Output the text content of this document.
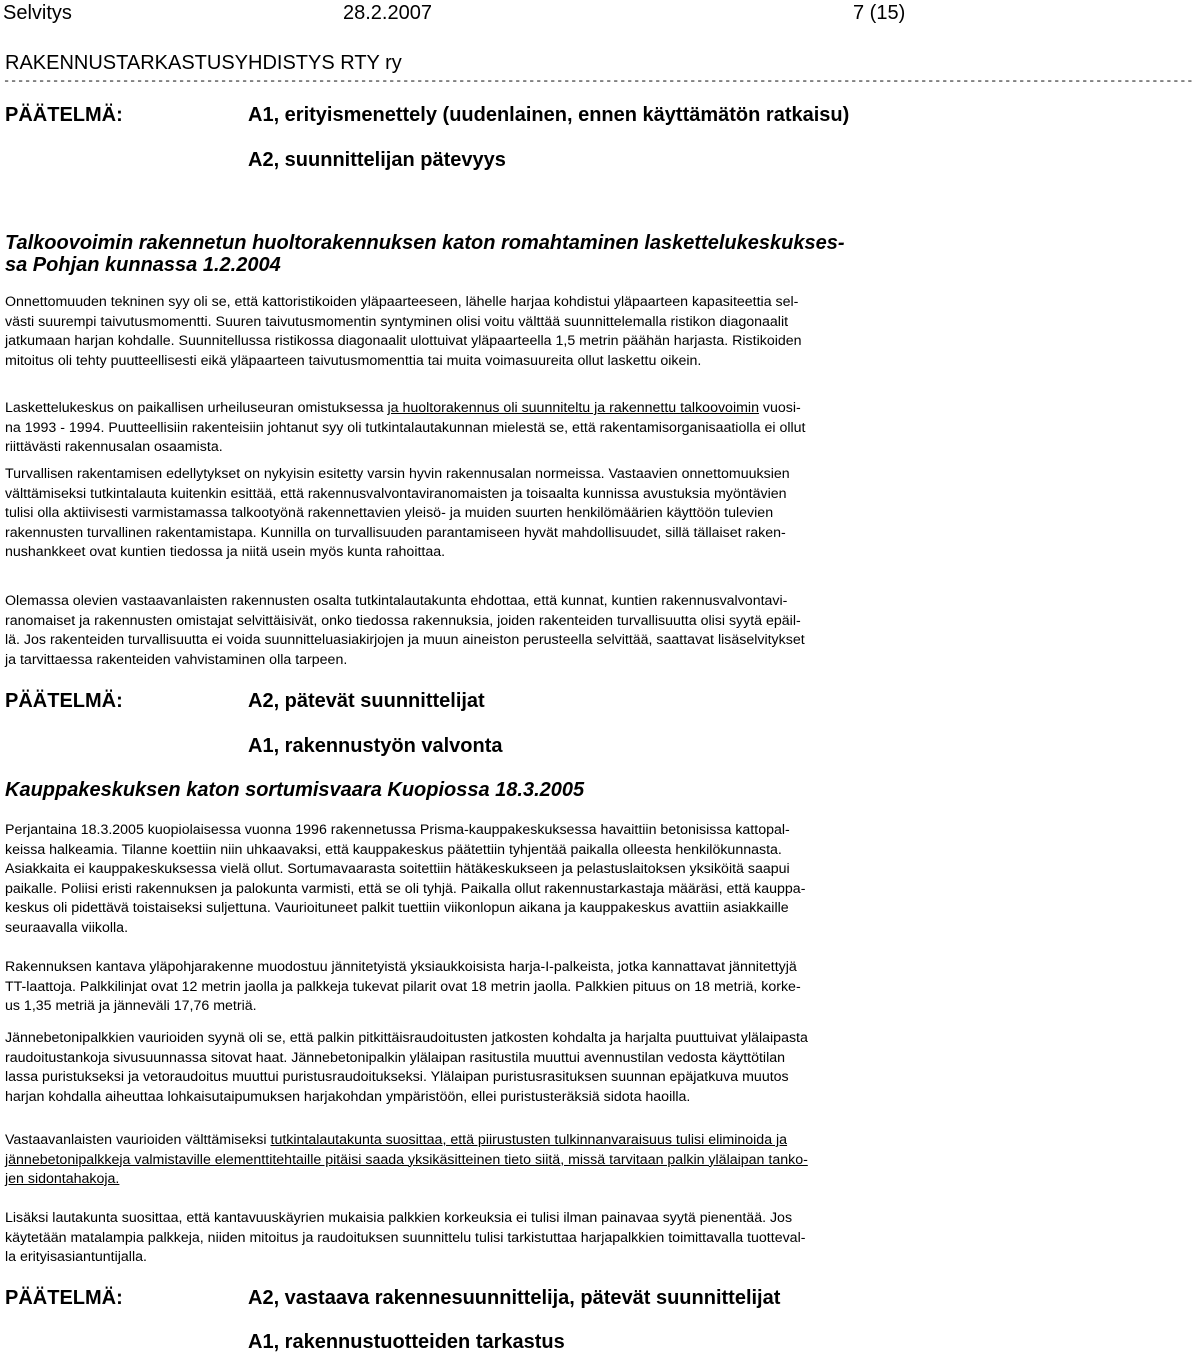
Selvitys	28.2.2007	7 (15)
RAKENNUSTARKASTUSYHDISTYS RTY ry
--------------------------------------------------------------------------------------------------------------------------------------------------------------------------
PÄÄTELMÄ:	A1, erityismenettely (uudenlainen, ennen käyttämätön ratkaisu)
A2, suunnittelijan pätevyys
Talkoovoimin rakennetun huoltorakennuksen katon romahtaminen laskettelukeskukses-
sa Pohjan kunnassa 1.2.2004
Onnettomuuden tekninen syy oli se, että kattoristikoiden yläpaarteeseen, lähelle harjaa kohdistui yläpaarteen kapasiteettia sel-
västi suurempi taivutusmomentti. Suuren taivutusmomentin syntyminen olisi voitu välttää suunnittelemalla ristikon diagonaalit
jatkumaan harjan kohdalle. Suunnitellussa ristikossa diagonaalit ulottuivat yläpaarteella 1,5 metrin päähän harjasta. Ristikoiden
mitoitus oli tehty puutteellisesti eikä yläpaarteen taivutusmomenttia tai muita voimasuureita ollut laskettu oikein.
Laskettelukeskus on paikallisen urheiluseuran omistuksessa ja huoltorakennus oli suunniteltu ja rakennettu talkoovoimin vuosi-
na 1993 - 1994. Puutteellisiin rakenteisiin johtanut syy oli tutkintalautakunnan mielestä se, että rakentamisorganisaatiolla ei ollut
riittävästi rakennusalan osaamista.
Turvallisen rakentamisen edellytykset on nykyisin esitetty varsin hyvin rakennusalan normeissa. Vastaavien onnettomuuksien
välttämiseksi tutkintalauta kuitenkin esittää, että rakennusvalvontaviranomaisten ja toisaalta kunnissa avustuksia myöntävien
tulisi olla aktiivisesti varmistamassa talkootyönä rakennettavien yleisö- ja muiden suurten henkilömäärien käyttöön tulevien
rakennusten turvallinen rakentamistapa. Kunnilla on turvallisuuden parantamiseen hyvät mahdollisuudet, sillä tällaiset raken-
nushankkeet ovat kuntien tiedossa ja niitä usein myös kunta rahoittaa.
Olemassa olevien vastaavanlaisten rakennusten osalta tutkintalautakunta ehdottaa, että kunnat, kuntien rakennusvalvontavi-
ranomaiset ja rakennusten omistajat selvittäisivät, onko tiedossa rakennuksia, joiden rakenteiden turvallisuutta olisi syytä epäil-
lä. Jos rakenteiden turvallisuutta ei voida suunnitteluasiakirjojen ja muun aineiston perusteella selvittää, saattavat lisäselvitykset
ja tarvittaessa rakenteiden vahvistaminen olla tarpeen.
PÄÄTELMÄ:	A2, pätevät suunnittelijat
A1, rakennustyön valvonta
Kauppakeskuksen katon sortumisvaara Kuopiossa 18.3.2005
Perjantaina 18.3.2005 kuopiolaisessa vuonna 1996 rakennetussa Prisma-kauppakeskuksessa havaittiin betonisissa kattopal-
keissa halkeamia. Tilanne koettiin niin uhkaavaksi, että kauppakeskus päätettiin tyhjentää paikalla olleesta henkilökunnasta.
Asiakkaita ei kauppakeskuksessa vielä ollut. Sortumavaarasta soitettiin hätäkeskukseen ja pelastuslaitoksen yksiköitä saapui
paikalle. Poliisi eristi rakennuksen ja palokunta varmisti, että se oli tyhjä. Paikalla ollut rakennustarkastaja määräsi, että kauppa-
keskus oli pidettävä toistaiseksi suljettuna. Vaurioituneet palkit tuettiin viikonlopun aikana ja kauppakeskus avattiin asiakkaille
seuraavalla viikolla.
Rakennuksen kantava yläpohjarakenne muodostuu jännitetyistä yksiaukkoisista harja-I-palkeista, jotka kannattavat jännitettyjä
TT-laattoja. Palkkilinjat ovat 12 metrin jaolla ja palkkeja tukevat pilarit ovat 18 metrin jaolla. Palkkien pituus on 18 metriä, korke-
us 1,35 metriä ja jänneväli 17,76 metriä.
Jännebetonipalkkien vaurioiden syynä oli se, että palkin pitkittäisraudoitusten jatkosten kohdalta ja harjalta puuttuivat ylälaipasta
raudoitustankoja sivusuunnassa sitovat haat. Jännebetonipalkin ylälaipan rasitustila muuttui avennustilan vedosta käyttötilan
lassa puristukseksi ja vetoraudoitus muuttui puristusraudoitukseksi. Ylälaipan puristusrasituksen suunnan epäjatkuva muutos
harjan kohdalla aiheuttaa lohkaisutaipumuksen harjakohdan ympäristöön, ellei puristusteräksiä sidota haoilla.
Vastaavanlaisten vaurioiden välttämiseksi tutkintalautakunta suosittaa, että piirustusten tulkinnanvaraisuus tulisi eliminoida ja
jännebetonipalkkeja valmistaville elementtitehtaille pitäisi saada yksikäsitteinen tieto siitä, missä tarvitaan palkin ylälaipan tanko-
jen sidontahakoja.
Lisäksi lautakunta suosittaa, että kantavuuskäyrien mukaisia palkkien korkeuksia ei tulisi ilman painavaa syytä pienentää. Jos
käytetään matalampia palkkeja, niiden mitoitus ja raudoituksen suunnittelu tulisi tarkistuttaa harjapalkkien toimittavalla tuotteval-
la erityisasiantuntijalla.
PÄÄTELMÄ:	A2, vastaava rakennesuunnittelija, pätevät suunnittelijat
A1, rakennustuotteiden tarkastus
